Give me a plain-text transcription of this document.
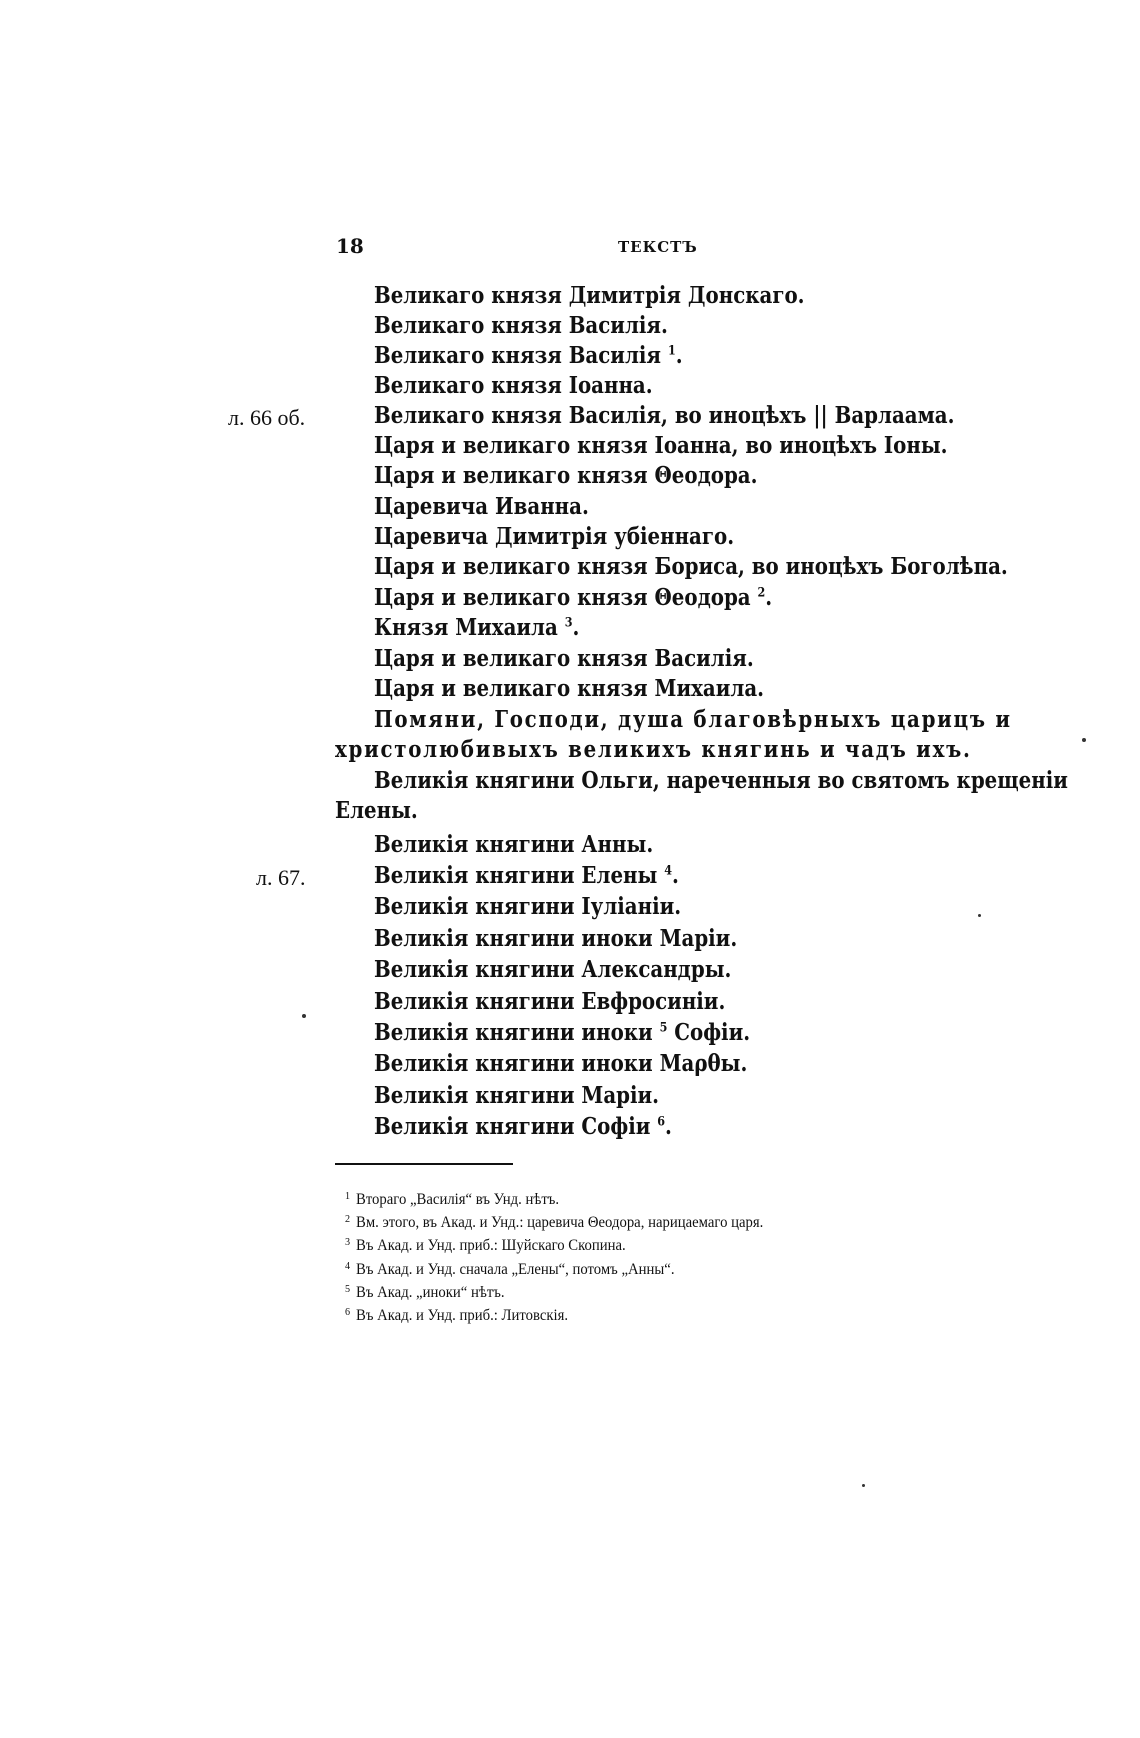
18	ТЕКСТЪ
л. 66 об.
л. 67.
Великаго князя Димитрія Донскаго.
Великаго князя Василія.
Великаго князя Василія $^1$.
Великаго князя Іоанна.
Великаго князя Василія, во иноцѣхъ || Варлаама.
Царя и великаго князя Іоанна, во иноцѣхъ Іоны.
Царя и великаго князя Θеодора.
Царевича Иванна.
Царевича Димитрія убіеннаго.
Царя и великаго князя Бориса, во иноцѣхъ Боголѣпа.
Царя и великаго князя Θеодора $^2$.
Князя Михаила $^3$.
Царя и великаго князя Василія.
Царя и великаго князя Михаила.
Помяни, Господи, душа благовѣрныхъ царицъ и
христолюбивыхъ великихъ княгинь и чадъ ихъ.
Великія княгини Ольги, нареченныя во святомъ крещеніи
Елены.
Великія княгини Анны.
Великія княгини Елены $^4$.
Великія княгини Іуліаніи.
Великія княгини иноки Маріи.
Великія княгини Александры.
Великія княгини Евфросиніи.
Великія княгини иноки $^5$ Софіи.
Великія княгини иноки Маρθы.
Великія княгини Маріи.
Великія княгини Софіи $^6$.
1 Втораго „Василія“ въ Унд. нѣтъ.
2 Вм. этого, въ Акад. и Унд.: царевича Θеодора, нарицаемаго царя.
3 Въ Акад. и Унд. приб.: Шуйскаго Скопина.
4 Въ Акад. и Унд. сначала „Елены“, потомъ „Анны“.
5 Въ Акад. „иноки“ нѣтъ.
6 Въ Акад. и Унд. приб.: Литовскія.
